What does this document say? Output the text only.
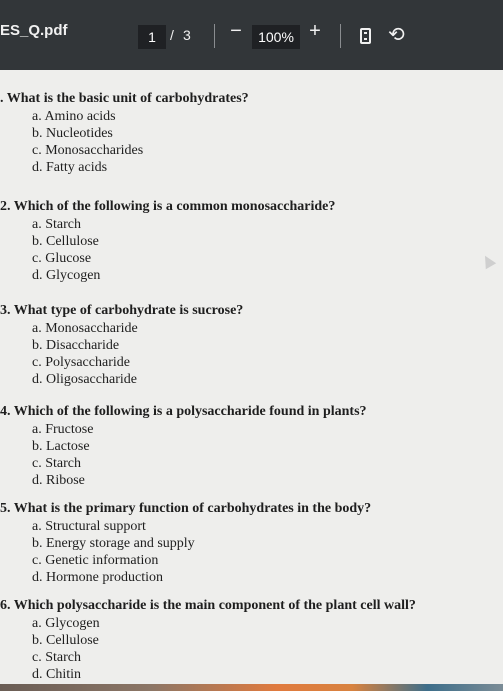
ES_Q.pdf	1	/ 3 −	100% +	⟲
. What is the basic unit of carbohydrates?
a. Amino acids
b. Nucleotides
c. Monosaccharides
d. Fatty acids
2. Which of the following is a common monosaccharide?
a. Starch
b. Cellulose
c. Glucose
d. Glycogen
3. What type of carbohydrate is sucrose?
a. Monosaccharide
b. Disaccharide
c. Polysaccharide
d. Oligosaccharide
4. Which of the following is a polysaccharide found in plants?
a. Fructose
b. Lactose
c. Starch
d. Ribose
5. What is the primary function of carbohydrates in the body?
a. Structural support
b. Energy storage and supply
c. Genetic information
d. Hormone production
6. Which polysaccharide is the main component of the plant cell wall?
a. Glycogen
b. Cellulose
c. Starch
d. Chitin
